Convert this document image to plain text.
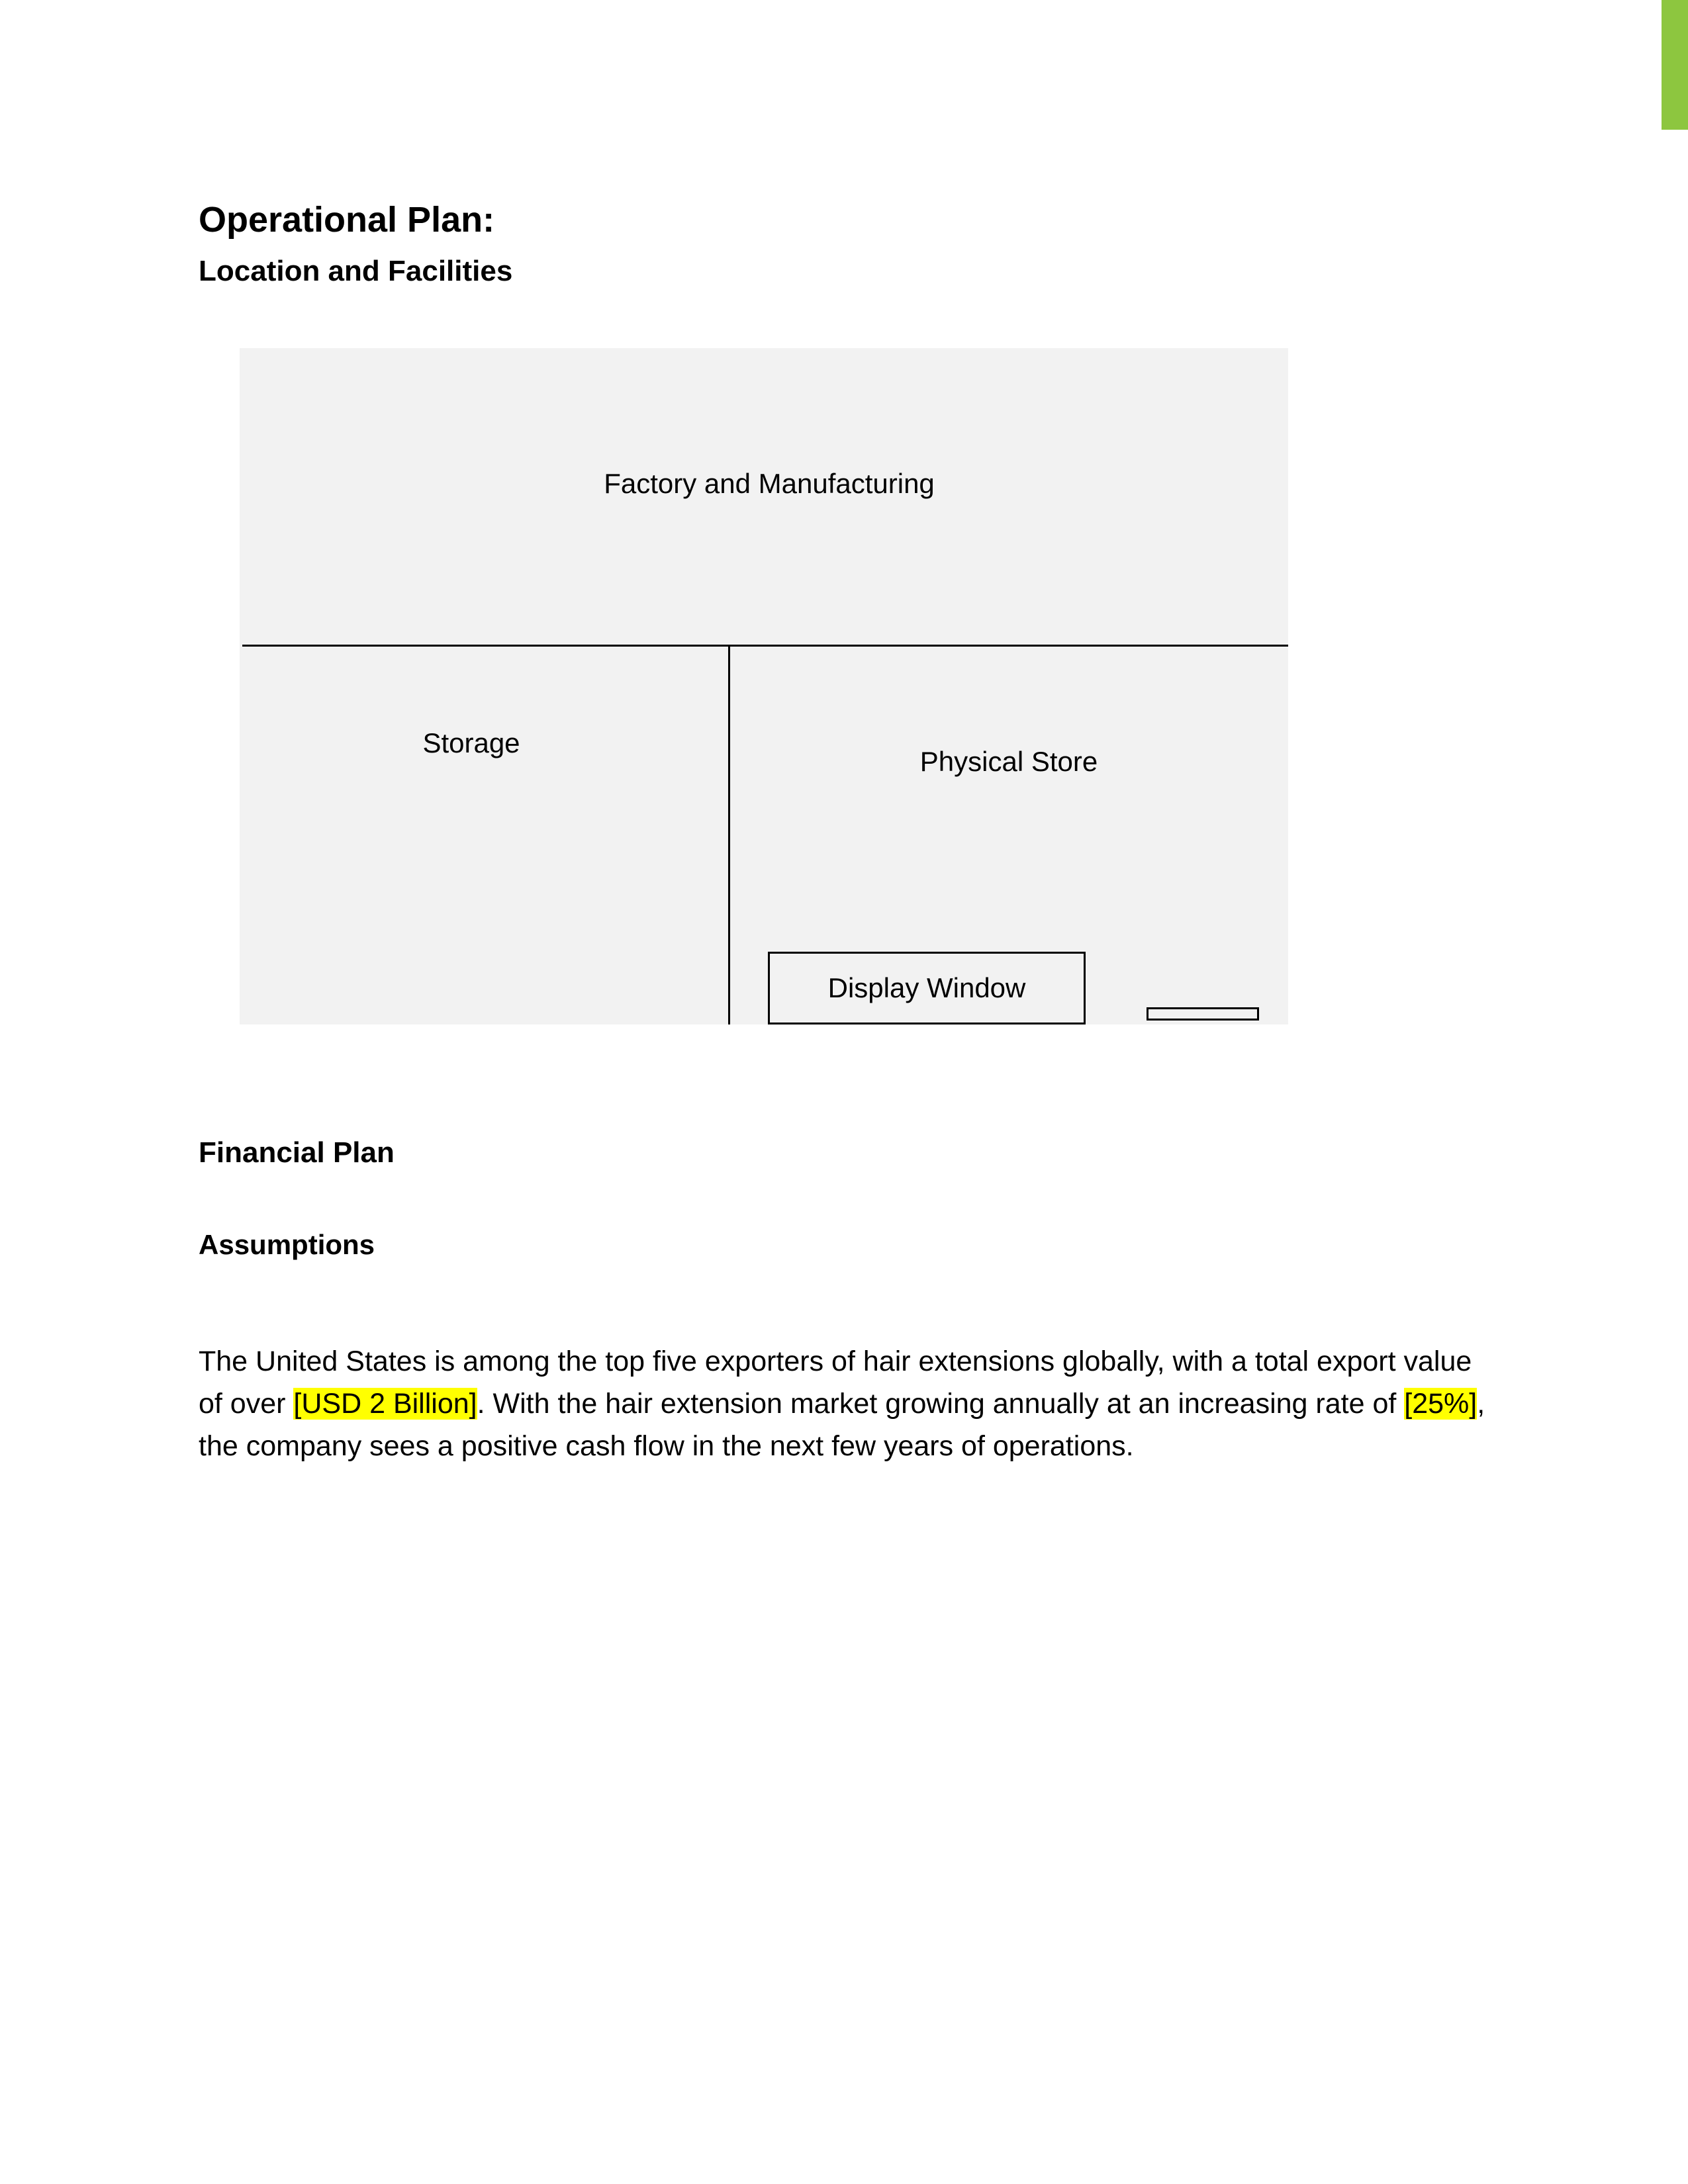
Operational Plan:
Location and Facilities
Factory and Manufacturing
Storage
Physical Store
Display Window
Financial Plan
Assumptions

The United States is among the top five exporters of hair extensions globally, with a total export value of over [USD 2 Billion]. With the hair extension market growing annually at an increasing rate of [25%], the company sees a positive cash flow in the next few years of operations.
